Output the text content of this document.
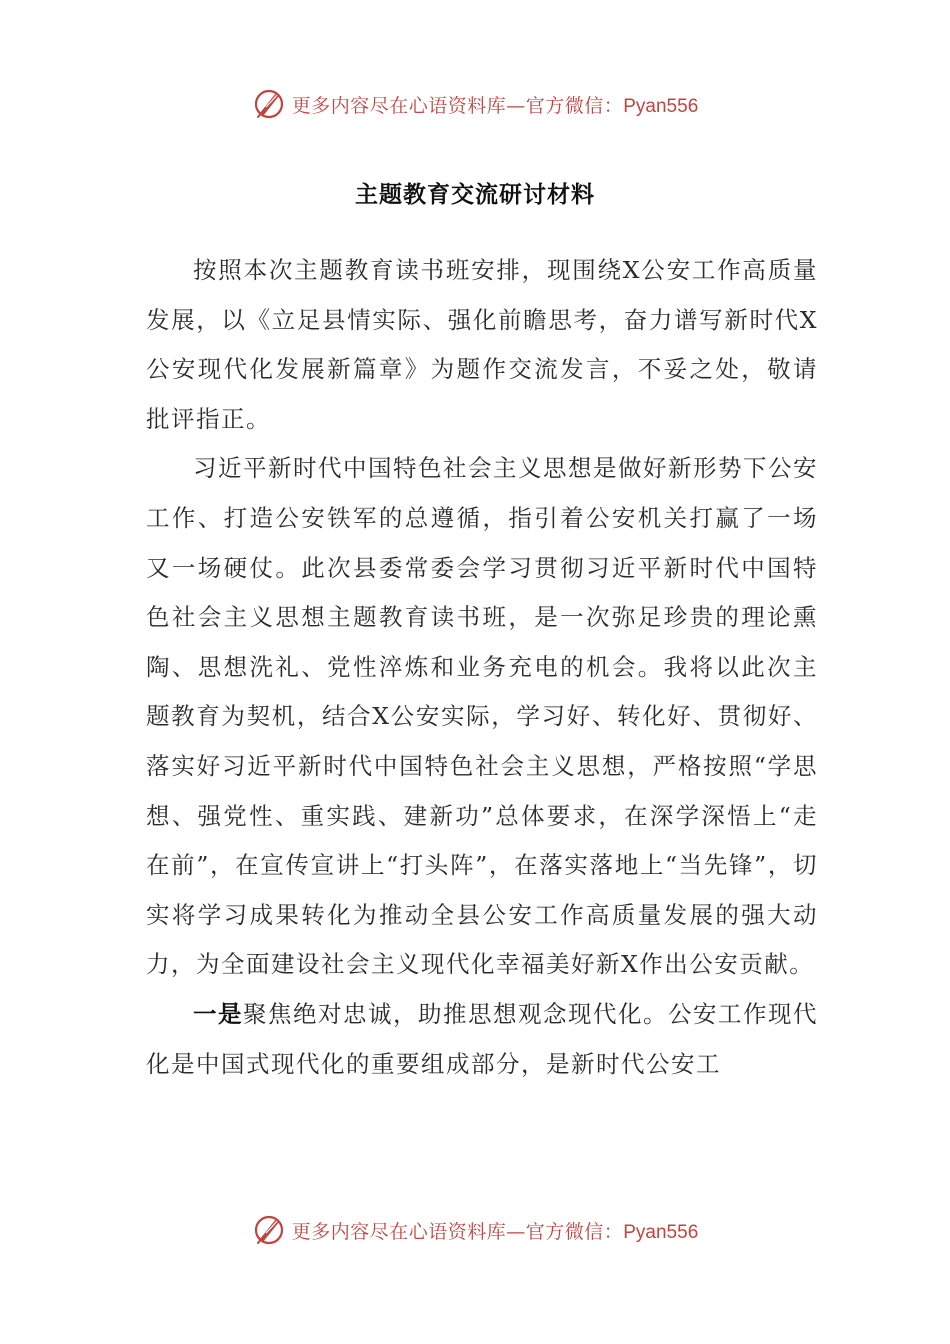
更多内容尽在心语资料库—官方微信：Pyan556
主题教育交流研讨材料

按照本次主题教育读书班安排，现围绕X公安工作高质量发展，以《立足县情实际、强化前瞻思考，奋力谱写新时代X公安现代化发展新篇章》为题作交流发言，不妥之处，敬请批评指正。

习近平新时代中国特色社会主义思想是做好新形势下公安工作、打造公安铁军的总遵循，指引着公安机关打赢了一场又一场硬仗。此次县委常委会学习贯彻习近平新时代中国特色社会主义思想主题教育读书班，是一次弥足珍贵的理论熏陶、思想洗礼、党性淬炼和业务充电的机会。我将以此次主题教育为契机，结合X公安实际，学习好、转化好、贯彻好、落实好习近平新时代中国特色社会主义思想，严格按照“学思想、强党性、重实践、建新功”总体要求，在深学深悟上“走在前”，在宣传宣讲上“打头阵”，在落实落地上“当先锋”，切实将学习成果转化为推动全县公安工作高质量发展的强大动力，为全面建设社会主义现代化幸福美好新X作出公安贡献。

一是聚焦绝对忠诚，助推思想观念现代化。公安工作现代化是中国式现代化的重要组成部分，是新时代公安工

更多内容尽在心语资料库—官方微信：Pyan556
